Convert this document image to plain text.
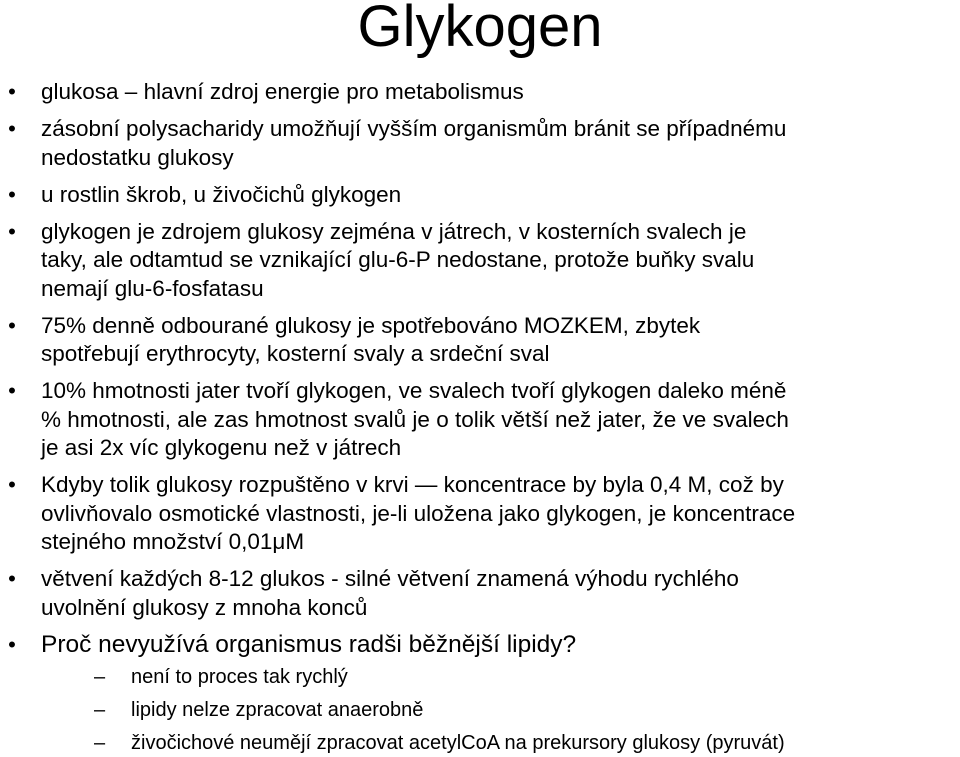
Glykogen
• glukosa – hlavní zdroj energie pro metabolismus
• zásobní polysacharidy umožňují vyšším organismům bránit se případnému
nedostatku glukosy
• u rostlin škrob, u živočichů glykogen
• glykogen je zdrojem glukosy zejména v játrech, v kosterních svalech je
taky, ale odtamtud se vznikající glu-6-P nedostane, protože buňky svalu
nemají glu-6-fosfatasu
• 75% denně odbourané glukosy je spotřebováno MOZKEM, zbytek
spotřebují erythrocyty, kosterní svaly a srdeční sval
• 10% hmotnosti jater tvoří glykogen, ve svalech tvoří glykogen daleko méně
% hmotnosti, ale zas hmotnost svalů je o tolik větší než jater, že ve svalech
je asi 2x víc glykogenu než v játrech
• Kdyby tolik glukosy rozpuštěno v krvi — koncentrace by byla 0,4 M, což by
ovlivňovalo osmotické vlastnosti, je-li uložena jako glykogen, je koncentrace
stejného množství 0,01μM
• větvení každých 8-12 glukos - silné větvení znamená výhodu rychlého
uvolnění glukosy z mnoha konců
• Proč nevyužívá organismus radši běžnější lipidy?
– není to proces tak rychlý
– lipidy nelze zpracovat anaerobně
– živočichové neumějí zpracovat acetylCoA na prekursory glukosy (pyruvát)
